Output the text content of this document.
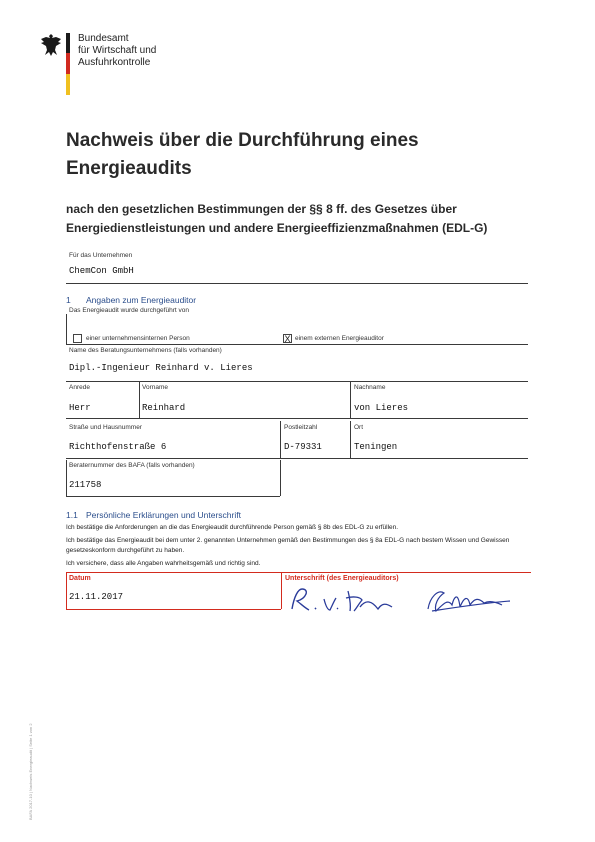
Bundesamt
für Wirtschaft und
Ausfuhrkontrolle
Nachweis über die Durchführung eines
Energieaudits
nach den gesetzlichen Bestimmungen der §§ 8 ff. des Gesetzes über
Energiedienstleistungen und andere Energieeffizienzmaßnahmen (EDL-G)
Für das Unternehmen
ChemCon GmbH
1 Angaben zum Energieauditor
Das Energieaudit wurde durchgeführt von
einer unternehmensinternen Person	X einem externen Energieauditor
Name des Beratungsunternehmens (falls vorhanden)
Dipl.-Ingenieur Reinhard v. Lieres
Anrede	Vorname	Nachname
Herr	Reinhard	von Lieres
Straße und Hausnummer	Postleitzahl	Ort
Richthofenstraße 6	D-79331	Teningen
Beraternummer des BAFA (falls vorhanden)
211758
1.1 Persönliche Erklärungen und Unterschrift
Ich bestätige die Anforderungen an die das Energieaudit durchführende Person gemäß § 8b des EDL-G zu erfüllen.
Ich bestätige das Energieaudit bei dem unter 2. genannten Unternehmen gemäß den Bestimmungen des § 8a EDL-G nach bestem Wissen und Gewissen
gesetzeskonform durchgeführt zu haben.
Ich versichere, dass alle Angaben wahrheitsgemäß und richtig sind.
Datum
21.11.2017
Unterschrift (des Energieauditors)
BAFA 2017-10 | Nachweis Energieaudit | Seite 1 von 2
